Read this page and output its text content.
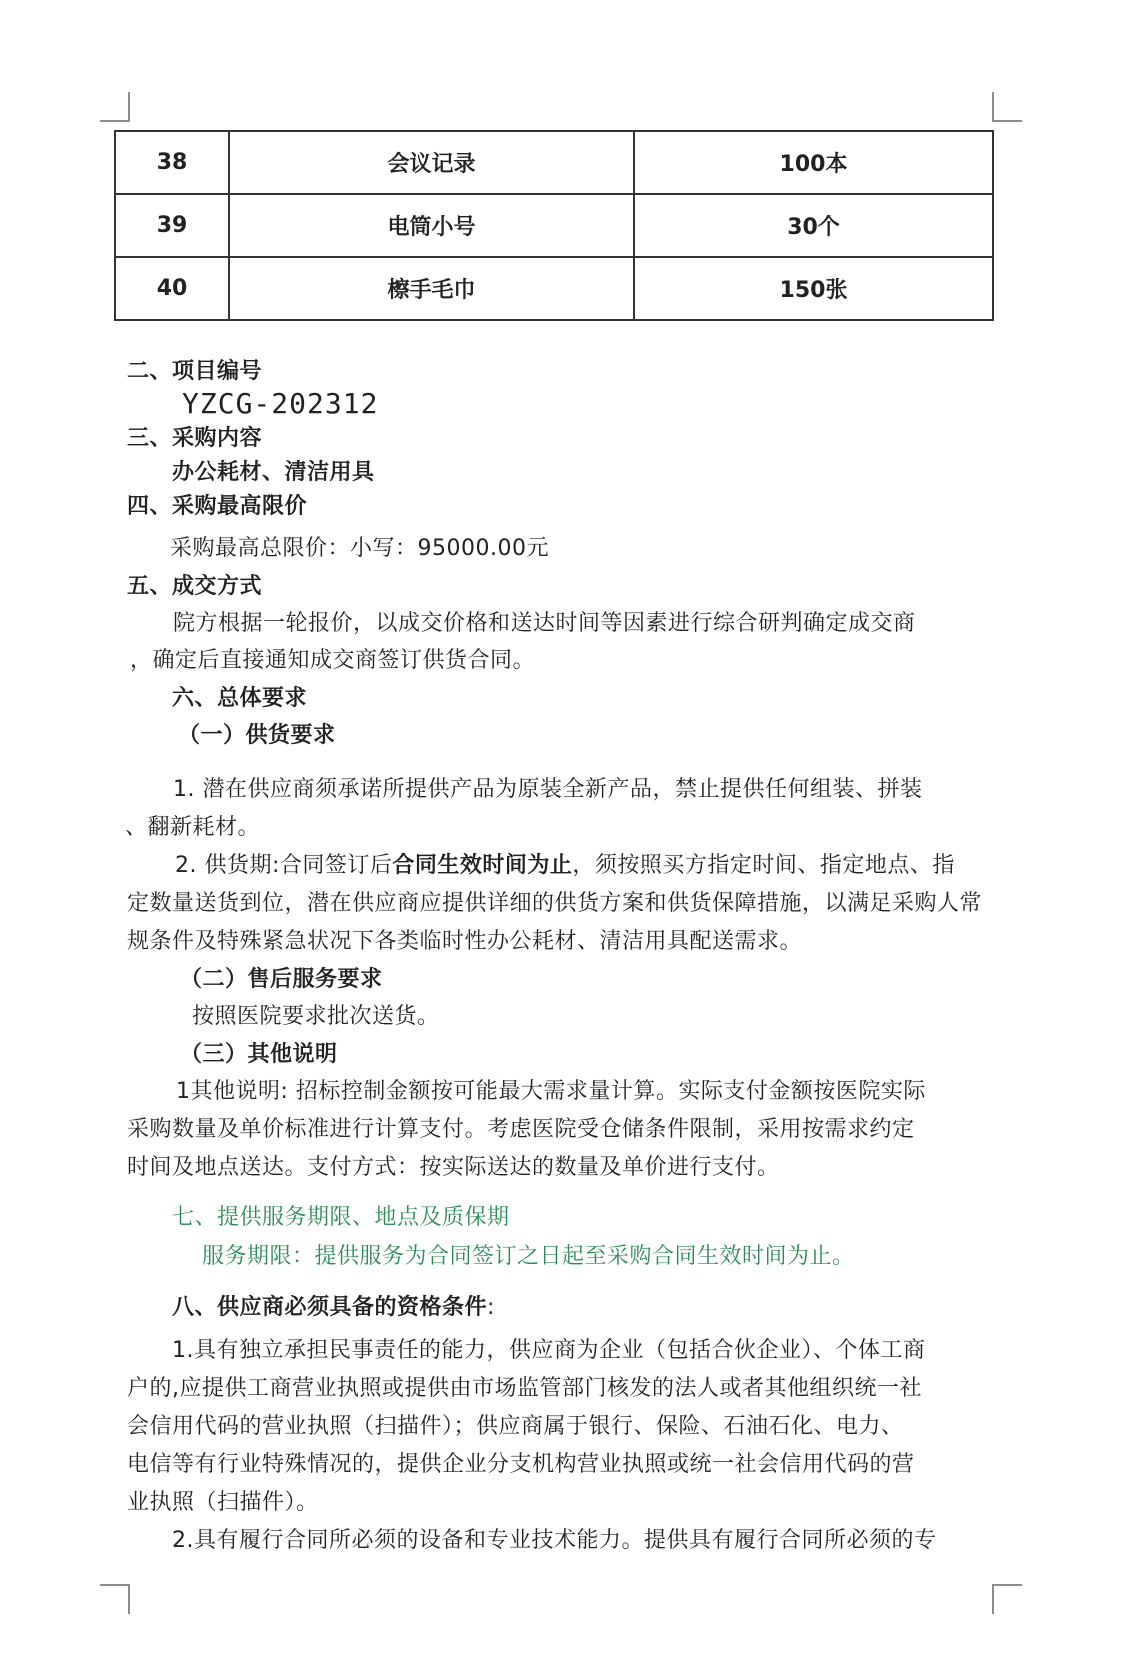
38	会议记录	100本
39	电筒小号	30个
40	檫手毛巾	150张
二、项目编号
YZCG-202312
三、采购内容
办公耗材、清洁用具
四、采购最高限价
采购最高总限价：小写：95000.00元
五、成交方式
院方根据一轮报价，以成交价格和送达时间等因素进行综合研判确定成交商
，确定后直接通知成交商签订供货合同。
六、总体要求
（一）供货要求
1. 潜在供应商须承诺所提供产品为原装全新产品，禁止提供任何组装、拼装
、翻新耗材。
2. 供货期:合同签订后合同生效时间为止，须按照买方指定时间、指定地点、指
定数量送货到位，潜在供应商应提供详细的供货方案和供货保障措施，以满足采购人常
规条件及特殊紧急状况下各类临时性办公耗材、清洁用具配送需求。
（二）售后服务要求
按照医院要求批次送货。
（三）其他说明
1其他说明: 招标控制金额按可能最大需求量计算。实际支付金额按医院实际
采购数量及单价标准进行计算支付。考虑医院受仓储条件限制，采用按需求约定
时间及地点送达。支付方式：按实际送达的数量及单价进行支付。
七、提供服务期限、地点及质保期
服务期限：提供服务为合同签订之日起至采购合同生效时间为止。
八、供应商必须具备的资格条件:
1.具有独立承担民事责任的能力，供应商为企业（包括合伙企业）、个体工商
户的,应提供工商营业执照或提供由市场监管部门核发的法人或者其他组织统一社
会信用代码的营业执照（扫描件）；供应商属于银行、保险、石油石化、电力、
电信等有行业特殊情况的，提供企业分支机构营业执照或统一社会信用代码的营
业执照（扫描件）。
2.具有履行合同所必须的设备和专业技术能力。提供具有履行合同所必须的专
